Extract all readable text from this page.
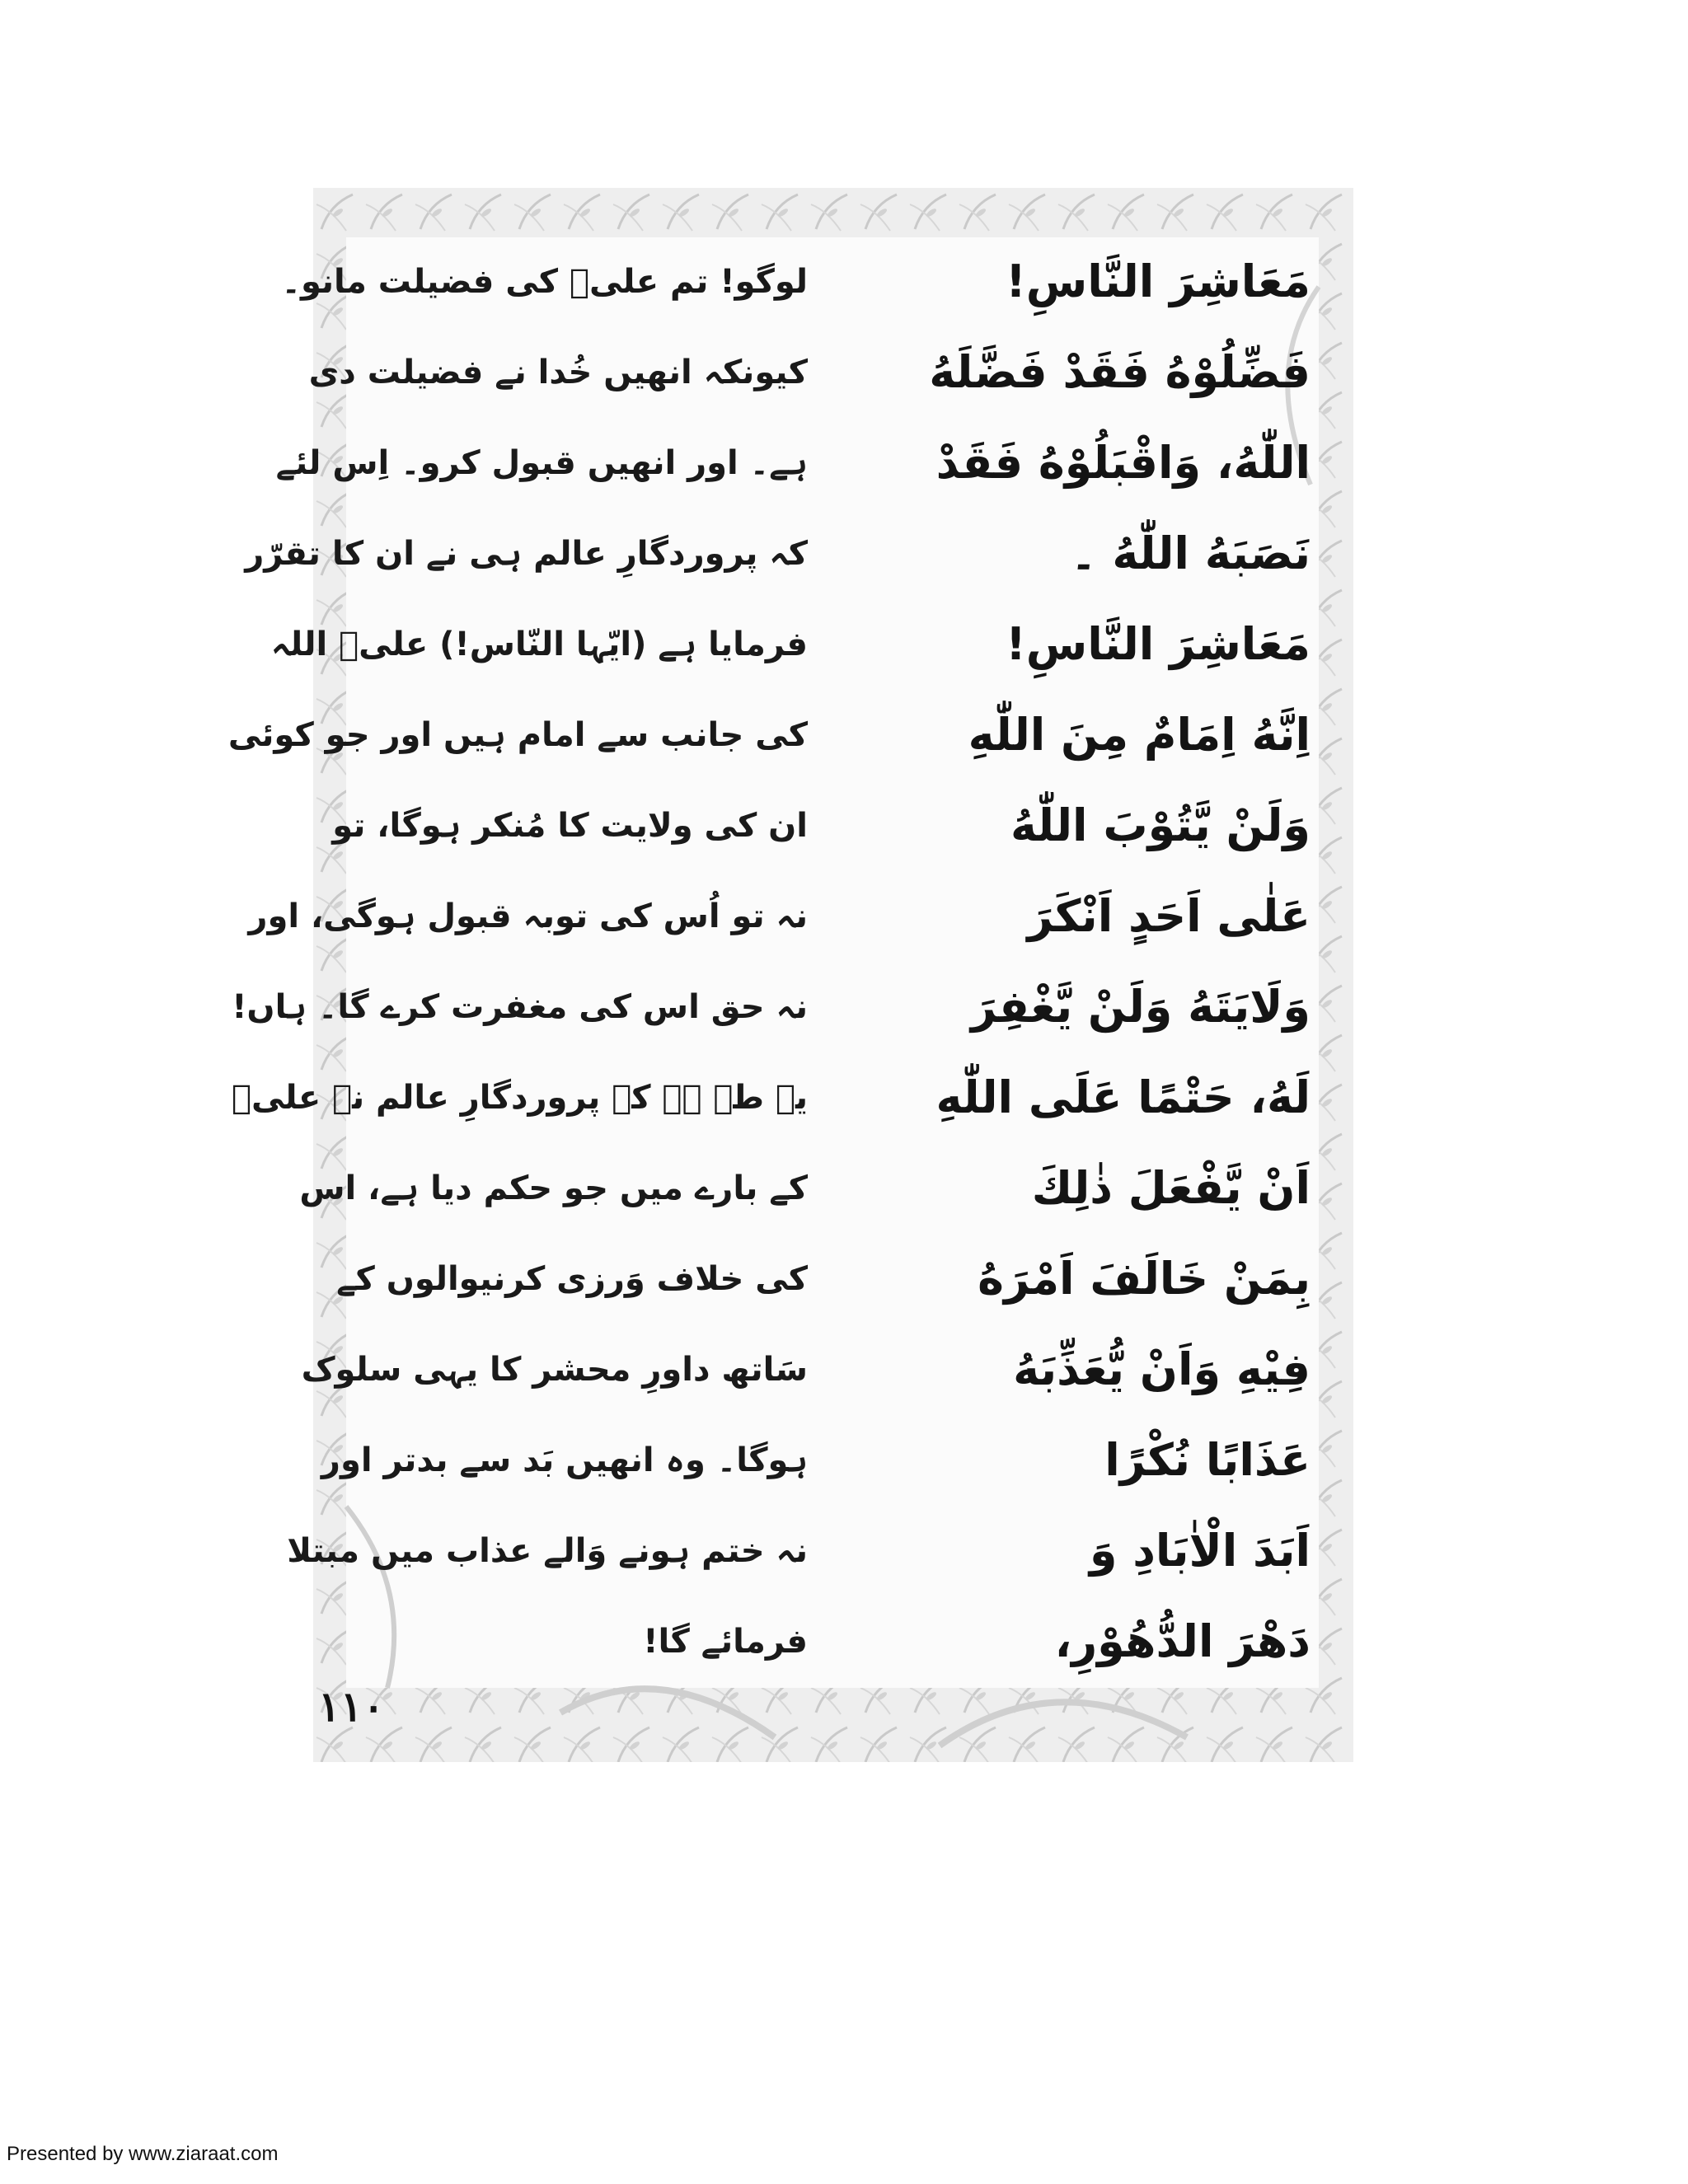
مَعَاشِرَ النَّاسِ!
لوگو! تم علیؑ کی فضیلت مانو۔
فَضِّلُوْهُ فَقَدْ فَضَّلَهُ
کیونکہ انھیں خُدا نے فضیلت دی
اللّٰهُ، وَاقْبَلُوْهُ فَقَدْ
ہے۔ اور انھیں قبول کرو۔ اِس لئے
نَصَبَهُ اللّٰهُ ۔
کہ پروردگارِ عالم ہی نے ان کا تقرّر
مَعَاشِرَ النَّاسِ!
فرمایا ہے (ایّہا النّاس!) علیؑ اللہ
اِنَّهُ اِمَامٌ مِنَ اللّٰهِ
کی جانب سے امام ہیں اور جو کوئی
وَلَنْ يَّتُوْبَ اللّٰهُ
ان کی ولایت کا مُنکر ہوگا، تو
عَلٰى اَحَدٍ اَنْكَرَ
نہ تو اُس کی توبہ قبول ہوگی، اور
وَلَايَتَهُ وَلَنْ يَّغْفِرَ
نہ حق اس کی مغفرت کرے گا۔ ہاں!
لَهُ، حَتْمًا عَلَى اللّٰهِ
یہ طے ہے کہ پروردگارِ عالم نے علیؑ
اَنْ يَّفْعَلَ ذٰلِكَ
کے بارے میں جو حکم دیا ہے، اس
بِمَنْ خَالَفَ اَمْرَهُ
کی خلاف وَرزی کرنیوالوں کے
فِيْهِ وَاَنْ يُّعَذِّبَهُ
سَاتھ داورِ محشر کا یہی سلوک
عَذَابًا نُكْرًا
ہوگا۔ وہ انھیں بَد سے بدتر اور
اَبَدَ الْاٰبَادِ وَ
نہ ختم ہونے وَالے عذاب میں مبتلا
دَهْرَ الدُّهُوْرِ،
فرمائے گا!
۱۱۰
Presented by www.ziaraat.com
